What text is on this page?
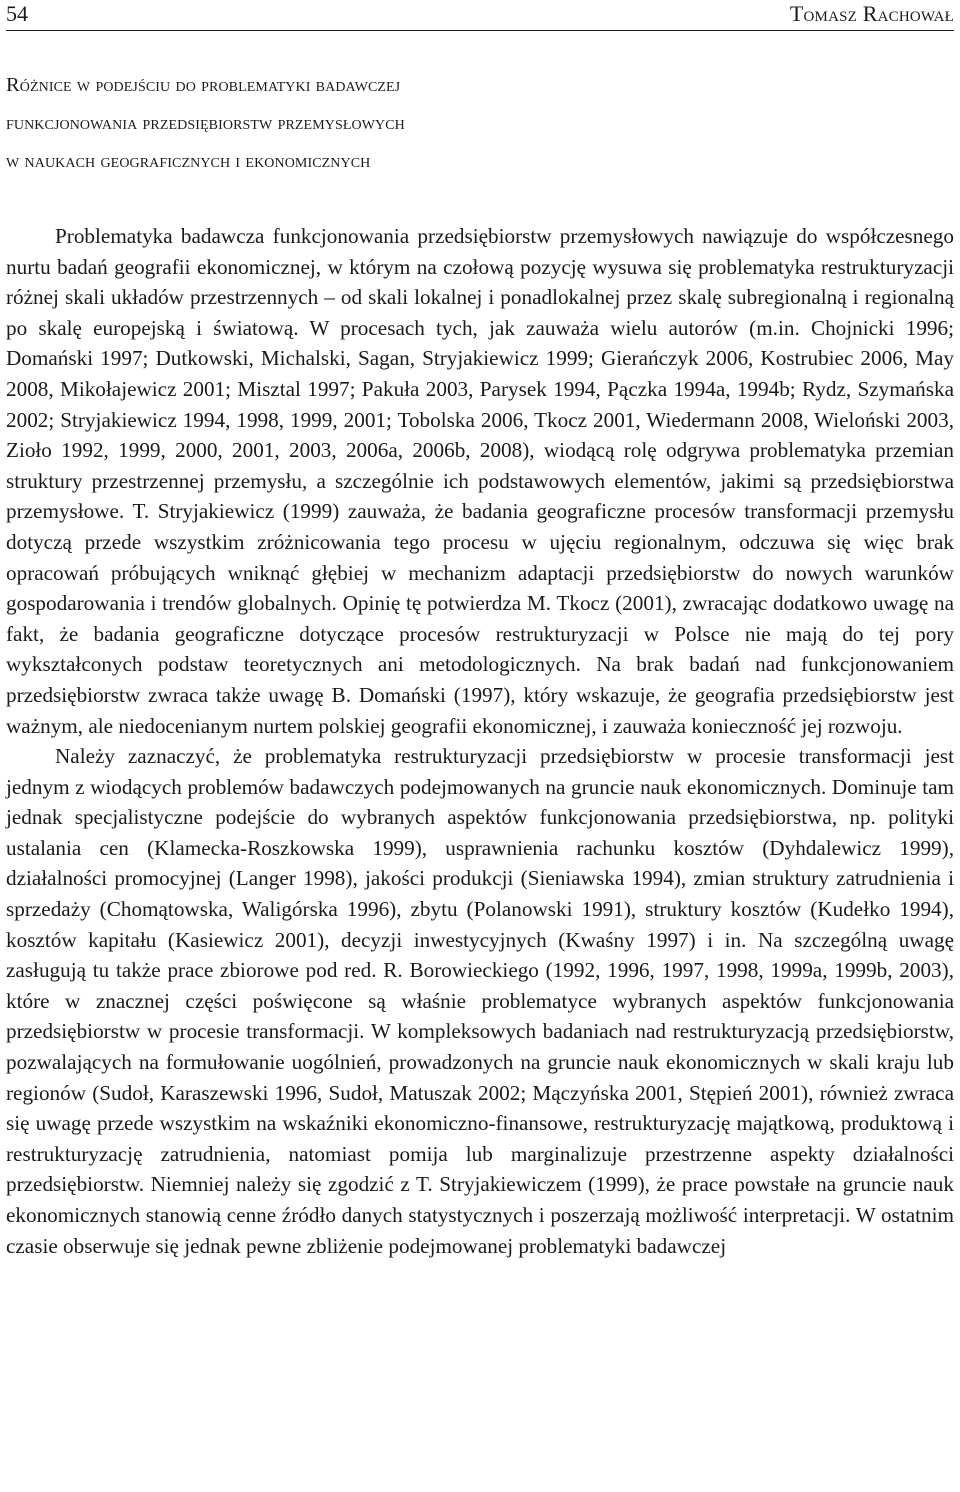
54	Tomasz Rachował
Różnice w podejściu do problematyki badawczej
funkcjonowania przedsiębiorstw przemysłowych
w naukach geograficznych i ekonomicznych

Problematyka badawcza funkcjonowania przedsiębiorstw przemysłowych nawiązuje do współczesnego nurtu badań geografii ekonomicznej, w którym na czołową pozycję wysuwa się problematyka restrukturyzacji różnej skali układów przestrzennych – od skali lokalnej i ponadlokalnej przez skalę subregionalną i regionalną po skalę europejską i światową. W procesach tych, jak zauważa wielu autorów (m.in. Chojnicki 1996; Domański 1997; Dutkowski, Michalski, Sagan, Stryjakiewicz 1999; Gierańczyk 2006, Kostrubiec 2006, May 2008, Mikołajewicz 2001; Misztal 1997; Pakuła 2003, Parysek 1994, Pączka 1994a, 1994b; Rydz, Szymańska 2002; Stryjakiewicz 1994, 1998, 1999, 2001; Tobolska 2006, Tkocz 2001, Wiedermann 2008, Wieloński 2003, Zioło 1992, 1999, 2000, 2001, 2003, 2006a, 2006b, 2008), wiodącą rolę odgrywa problematyka przemian struktury przestrzennej przemysłu, a szczególnie ich podstawowych elementów, jakimi są przedsiębiorstwa przemysłowe. T. Stryjakiewicz (1999) zauważa, że badania geograficzne procesów transformacji przemysłu dotyczą przede wszystkim zróżnicowania tego procesu w ujęciu regionalnym, odczuwa się więc brak opracowań próbujących wniknąć głębiej w mechanizm adaptacji przedsiębiorstw do nowych warunków gospodarowania i trendów globalnych. Opinię tę potwierdza M. Tkocz (2001), zwracając dodatkowo uwagę na fakt, że badania geograficzne dotyczące procesów restrukturyzacji w Polsce nie mają do tej pory wykształconych podstaw teoretycznych ani metodologicznych. Na brak badań nad funkcjonowaniem przedsiębiorstw zwraca także uwagę B. Domański (1997), który wskazuje, że geografia przedsiębiorstw jest ważnym, ale niedocenianym nurtem polskiej geografii ekonomicznej, i zauważa konieczność jej rozwoju.

Należy zaznaczyć, że problematyka restrukturyzacji przedsiębiorstw w procesie transformacji jest jednym z wiodących problemów badawczych podejmowanych na gruncie nauk ekonomicznych. Dominuje tam jednak specjalistyczne podejście do wybranych aspektów funkcjonowania przedsiębiorstwa, np. polityki ustalania cen (Klamecka-Roszkowska 1999), usprawnienia rachunku kosztów (Dyhdalewicz 1999), działalności promocyjnej (Langer 1998), jakości produkcji (Sieniawska 1994), zmian struktury zatrudnienia i sprzedaży (Chomątowska, Waligórska 1996), zbytu (Polanowski 1991), struktury kosztów (Kudełko 1994), kosztów kapitału (Kasiewicz 2001), decyzji inwestycyjnych (Kwaśny 1997) i in. Na szczególną uwagę zasługują tu także prace zbiorowe pod red. R. Borowieckiego (1992, 1996, 1997, 1998, 1999a, 1999b, 2003), które w znacznej części poświęcone są właśnie problematyce wybranych aspektów funkcjonowania przedsiębiorstw w procesie transformacji. W kompleksowych badaniach nad restrukturyzacją przedsiębiorstw, pozwalających na formułowanie uogólnień, prowadzonych na gruncie nauk ekonomicznych w skali kraju lub regionów (Sudoł, Karaszewski 1996, Sudoł, Matuszak 2002; Mączyńska 2001, Stępień 2001), również zwraca się uwagę przede wszystkim na wskaźniki ekonomiczno-finansowe, restrukturyzację majątkową, produktową i restrukturyzację zatrudnienia, natomiast pomija lub marginalizuje przestrzenne aspekty działalności przedsiębiorstw. Niemniej należy się zgodzić z T. Stryjakiewiczem (1999), że prace powstałe na gruncie nauk ekonomicznych stanowią cenne źródło danych statystycznych i poszerzają możliwość interpretacji. W ostatnim czasie obserwuje się jednak pewne zbliżenie podejmowanej problematyki badawczej
